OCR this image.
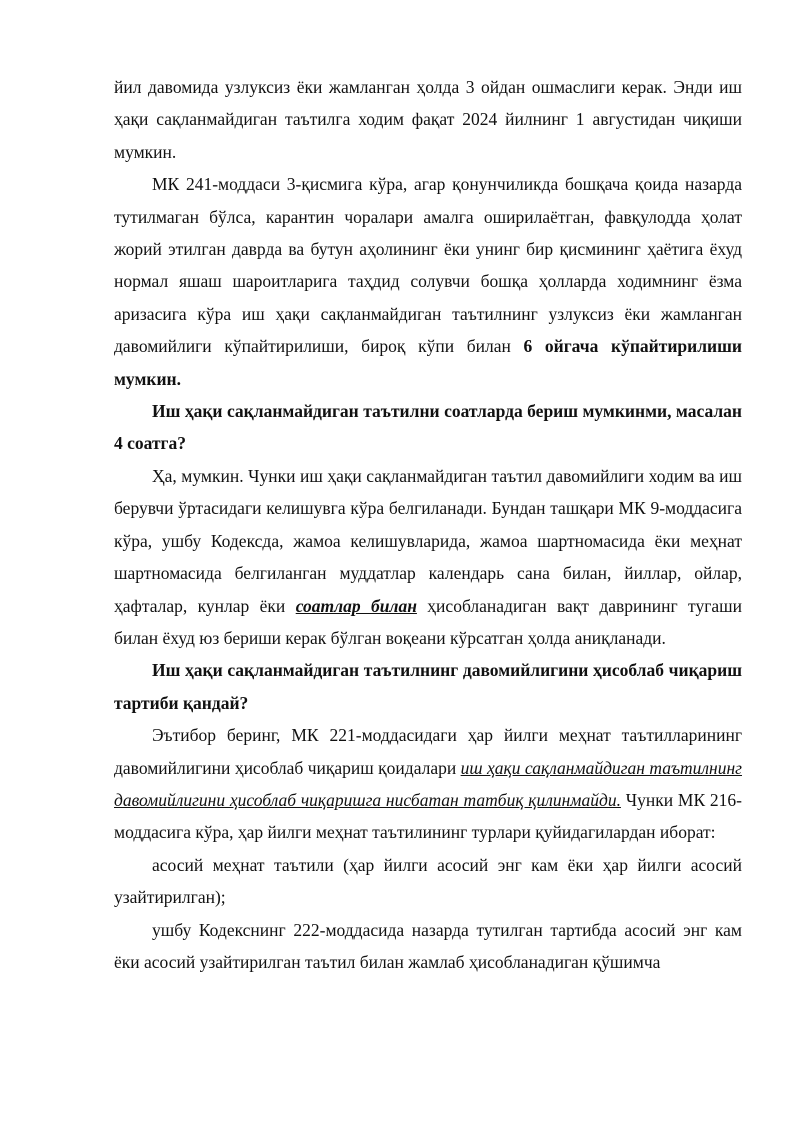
йил давомида узлуксиз ёки жамланган ҳолда 3 ойдан ошмаслиги керак. Энди иш ҳақи сақланмайдиган таътилга ходим фақат 2024 йилнинг 1 августидан чиқиши мумкин.

МК 241-моддаси 3-қисмига кўра, агар қонунчиликда бошқача қоида назарда тутилмаган бўлса, карантин чоралари амалга оширилаётган, фавқулодда ҳолат жорий этилган даврда ва бутун аҳолининг ёки унинг бир қисмининг ҳаётига ёхуд нормал яшаш шароитларига таҳдид солувчи бошқа ҳолларда ходимнинг ёзма аризасига кўра иш ҳақи сақланмайдиган таътилнинг узлуксиз ёки жамланган давомийлиги кўпайтирилиши, бироқ кўпи билан 6 ойгача кўпайтирилиши мумкин.

Иш ҳақи сақланмайдиган таътилни соатларда бериш мумкинми, масалан 4 соатга?

Ҳа, мумкин. Чунки иш ҳақи сақланмайдиган таътил давомийлиги ходим ва иш берувчи ўртасидаги келишувга кўра белгиланади. Бундан ташқари МК 9-моддасига кўра, ушбу Кодексда, жамоа келишувларида, жамоа шартномасида ёки меҳнат шартномасида белгиланган муддатлар календарь сана билан, йиллар, ойлар, ҳафталар, кунлар ёки соатлар билан ҳисобланадиган вақт даврининг тугаши билан ёхуд юз бериши керак бўлган воқеани кўрсатган ҳолда аниқланади.

Иш ҳақи сақланмайдиган таътилнинг давомийлигини ҳисоблаб чиқариш тартиби қандай?

Эътибор беринг, МК 221-моддасидаги ҳар йилги меҳнат таътилларининг давомийлигини ҳисоблаб чиқариш қоидалари иш ҳақи сақланмайдиган таътилнинг давомийлигини ҳисоблаб чиқаришга нисбатан татбиқ қилинмайди. Чунки МК 216-моддасига кўра, ҳар йилги меҳнат таътилининг турлари қуйидагилардан иборат:

асосий меҳнат таътили (ҳар йилги асосий энг кам ёки ҳар йилги асосий узайтирилган);

ушбу Кодекснинг 222-моддасида назарда тутилган тартибда асосий энг кам ёки асосий узайтирилган таътил билан жамлаб ҳисобланадиган қўшимча
